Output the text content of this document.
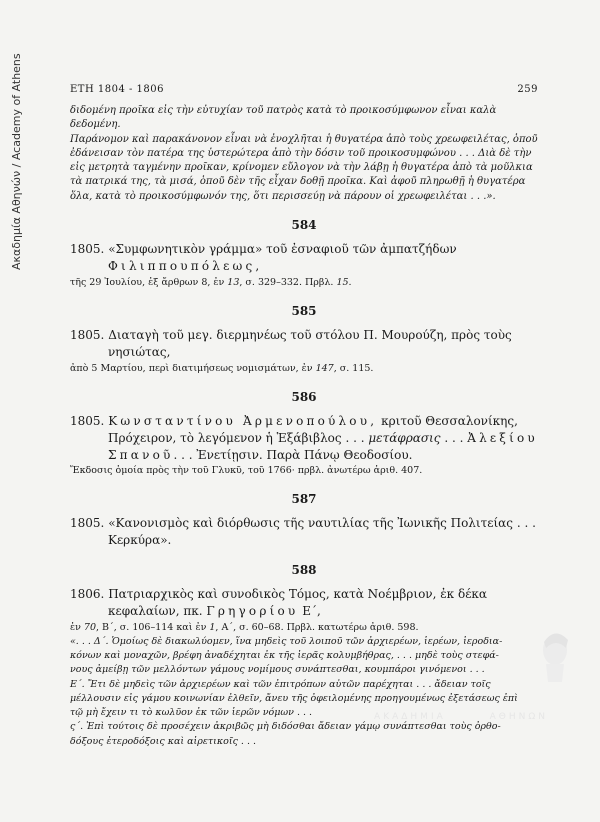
Ακαδημία Αθηνών / Academy of Athens	ΕΤΗ 1804 - 1806	259

διδομένη προῖκα εἰς τὴν εὐτυχίαν τοῦ πατρὸς κατὰ τὸ προικοσύμφωνον εἶναι καλὰ δεδομένη.
Παράνομον καὶ παρακάνονον εἶναι νὰ ἐνοχλῆται ἡ θυγατέρα ἀπὸ τοὺς χρεωφειλέτας, ὁποῦ
ἐδάνεισαν τὸν πατέρα της ὑστερώτερα ἀπὸ τὴν δόσιν τοῦ προικοσυμφώνου . . . Διὰ δὲ τὴν
εἰς μετρητὰ ταγμένην προῖκαν, κρίνομεν εὔλογον νὰ τὴν λάβῃ ἡ θυγατέρα ἀπὸ τὰ μοῦλκια
τὰ πατρικά της, τὰ μισά, ὁποῦ δὲν τῆς εἶχαν δοθῇ προῖκα. Καὶ ἀφοῦ πληρωθῇ ἡ θυγατέρα
ὅλα, κατὰ τὸ προικοσύμφωνόν της, ὅτι περισσεύῃ νὰ πάρουν οἱ χρεωφειλέται . . .».

584

1805. «Συμφωνητικὸν γράμμα» τοῦ ἐσναφιοῦ τῶν ἀμπατζήδων Φιλιππουπόλεως,

τῆς 29 Ἰουλίου, ἐξ ἄρθρων 8, ἐν 13, σ. 329–332. Πρβλ. 15.

585

1805. Διαταγὴ τοῦ μεγ. διερμηνέως τοῦ στόλου Π. Μουρούζη, πρὸς τοὺς νησιώτας,

ἀπὸ 5 Μαρτίου, περὶ διατιμήσεως νομισμάτων, ἐν 147, σ. 115.

586

1805. Κωνσταντίνου Ἀρμενοπούλου, κριτοῦ Θεσσαλονίκης, Πρόχειρον, τὸ λεγόμενον ἡ Ἑξάβιβλος . . . μετάφρασις . . . Ἀλεξίου Σπανοῦ. . . Ἐνετίῃσιν. Παρὰ Πάνῳ Θεοδοσίου.

Ἔκδοσις ὁμοία πρὸς τὴν τοῦ Γλυκῦ, τοῦ 1766· πρβλ. ἀνωτέρω ἀριθ. 407.

587

1805. «Κανονισμὸς καὶ διόρθωσις τῆς ναυτιλίας τῆς Ἰωνικῆς Πολιτείας . . . Κερκύρα».

588

1806. Πατριαρχικὸς καὶ συνοδικὸς Τόμος, κατὰ Νοέμβριον, ἐκ δέκα κεφαλαίων, πκ. Γρηγορίου Ε΄,

ἐν 70, Β΄, σ. 106–114 καὶ ἐν 1, Α΄, σ. 60–68. Πρβλ. κατωτέρω ἀριθ. 598.

«. . . Δ΄. Ὁμοίως δὲ διακωλύομεν, ἵνα μηδεὶς τοῦ λοιποῦ τῶν ἀρχιερέων, ἱερέων, ἱεροδια-
κόνων καὶ μοναχῶν, βρέφη ἀναδέχηται ἐκ τῆς ἱερᾶς κολυμβήθρας, . . . μηδὲ τοὺς στεφά-
νους ἀμείβῃ τῶν μελλόντων γάμους νομίμους συνάπτεσθαι, κουμπάροι γινόμενοι . . .
Ε΄. Ἔτι δὲ μηδεὶς τῶν ἀρχιερέων καὶ τῶν ἐπιτρόπων αὐτῶν παρέχηται . . . ἄδειαν τοῖς
μέλλουσιν εἰς γάμου κοινωνίαν ἐλθεῖν, ἄνευ τῆς ὀφειλομένης προηγουμένως ἐξετάσεως ἐπὶ
τῷ μὴ ἔχειν τι τὸ κωλῦον ἐκ τῶν ἱερῶν νόμων . . .
ς΄. Ἐπὶ τούτοις δὲ προσέχειν ἀκριβῶς μὴ διδόσθαι ἄδειαν γάμῳ συνάπτεσθαι τοὺς ὀρθο-
δόξους ἑτεροδόξοις καὶ αἱρετικοῖς . . .

ΑΚΑΔΗΜΙΑ	ΑΘΗΝΩΝ
